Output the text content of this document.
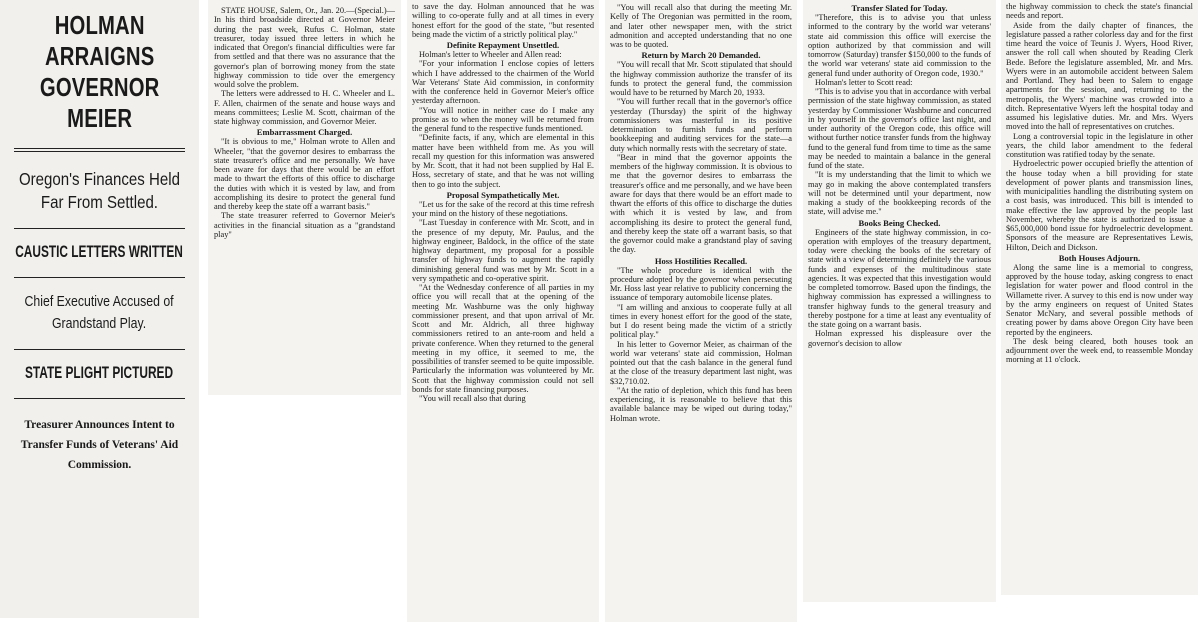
HOLMAN ARRAIGNS
GOVERNOR MEIER
Oregon's Finances Held Far From Settled.
CAUSTIC LETTERS WRITTEN
Chief Executive Accused of Grandstand Play.
STATE PLIGHT PICTURED
Treasurer Announces Intent to Transfer Funds of Veterans' Aid Commission.

STATE HOUSE, Salem, Or., Jan. 20.—(Special.)—In his third broadside directed at Governor Meier during the past week, Rufus C. Holman, state treasurer, today issued three letters in which he indicated that Oregon's financial difficulties were far from settled and that there was no assurance that the governor's plan of borrowing money from the state highway commission to tide over the emergency would solve the problem.

The letters were addressed to H. C. Wheeler and L. F. Allen, chairmen of the senate and house ways and means committees; Leslie M. Scott, chairman of the state highway commission, and Governor Meier.

Embarrassment Charged.

"It is obvious to me," Holman wrote to Allen and Wheeler, "that the governor desires to embarrass the state treasurer's office and me personally. We have been aware for days that there would be an effort made to thwart the efforts of this office to discharge the duties with which it is vested by law, and from accomplishing its desire to protect the general fund and thereby keep the state off a warrant basis."

The state treasurer referred to Governor Meier's activities in the financial situation as a "grandstand play"

to save the day. Holman announced that he was willing to co-operate fully and at all times in every honest effort for the good of the state, "but resented being made the victim of a strictly political play."

Definite Repayment Unsettled.

Holman's letter to Wheeler and Allen read:

"For your information I enclose copies of letters which I have addressed to the chairmen of the World War Veterans' State Aid commission, in conformity with the conference held in Governor Meier's office yesterday afternoon.

"You will notice in neither case do I make any promise as to when the money will be returned from the general fund to the respective funds mentioned.

"Definite facts, if any, which are elemental in this matter have been withheld from me. As you will recall my question for this information was answered by Mr. Scott, that it had not been supplied by Hal E. Hoss, secretary of state, and that he was not willing then to go into the subject.

Proposal Sympathetically Met.

"Let us for the sake of the record at this time refresh your mind on the history of these negotiations.

"Last Tuesday in conference with Mr. Scott, and in the presence of my deputy, Mr. Paulus, and the highway engineer, Baldock, in the office of the state highway department, my proposal for a possible transfer of highway funds to augment the rapidly diminishing general fund was met by Mr. Scott in a very sympathetic and co-operative spirit.

"At the Wednesday conference of all parties in my office you will recall that at the opening of the meeting Mr. Washburne was the only highway commissioner present, and that upon arrival of Mr. Scott and Mr. Aldrich, all three highway commissioners retired to an ante-room and held a private conference. When they returned to the general meeting in my office, it seemed to me, the possibilities of transfer seemed to be quite impossible. Particularly the information was volunteered by Mr. Scott that the highway commission could not sell bonds for state financing purposes.

"You will recall also that during

"You will recall also that during the meeting Mr. Kelly of The Oregonian was permitted in the room, and later other newspaper men, with the strict admonition and accepted understanding that no one was to be quoted.

Return by March 20 Demanded.

"You will recall that Mr. Scott stipulated that should the highway commission authorize the transfer of its funds to protect the general fund, the commission would have to be returned by March 20, 1933.

"You will further recall that in the governor's office yesterday (Thursday) the spirit of the highway commissioners was masterful in its positive determination to furnish funds and perform bookkeeping and auditing services for the state—a duty which normally rests with the secretary of state.

"Bear in mind that the governor appoints the members of the highway commission. It is obvious to me that the governor desires to embarrass the treasurer's office and me personally, and we have been aware for days that there would be an effort made to thwart the efforts of this office to discharge the duties with which it is vested by law, and from accomplishing its desire to protect the general fund, and thereby keep the state off a warrant basis, so that the governor could make a grandstand play of saving the day.

Hoss Hostilities Recalled.

"The whole procedure is identical with the procedure adopted by the governor when persecuting Mr. Hoss last year relative to publicity concerning the issuance of temporary automobile license plates.

"I am willing and anxious to cooperate fully at all times in every honest effort for the good of the state, but I do resent being made the victim of a strictly political play."

In his letter to Governor Meier, as chairman of the world war veterans' state aid commission, Holman pointed out that the cash balance in the general fund at the close of the treasury department last night, was $32,710.02.

"At the ratio of depletion, which this fund has been experiencing, it is reasonable to believe that this available balance may be wiped out during today," Holman wrote.

Transfer Slated for Today.

"Therefore, this is to advise you that unless informed to the contrary by the world war veterans' state aid commission this office will exercise the option authorized by that commission and will tomorrow (Saturday) transfer $150,000 to the funds of the world war veterans' state aid commission to the general fund under authority of Oregon code, 1930."

Holman's letter to Scott read:

"This is to advise you that in accordance with verbal permission of the state highway commission, as stated yesterday by Commissioner Washburne and concurred in by yourself in the governor's office last night, and under authority of the Oregon code, this office will without further notice transfer funds from the highway fund to the general fund from time to time as the same may be needed to maintain a balance in the general fund of the state.

"It is my understanding that the limit to which we may go in making the above contemplated transfers will not be determined until your department, now making a study of the bookkeeping records of the state, will advise me."

Books Being Checked.

Engineers of the state highway commission, in co-operation with employes of the treasury department, today were checking the books of the secretary of state with a view of determining definitely the various funds and expenses of the multitudinous state agencies. It was expected that this investigation would be completed tomorrow. Based upon the findings, the highway commission has expressed a willingness to transfer highway funds to the general treasury and thereby postpone for a time at least any eventuality of the state going on a warrant basis.

Holman expressed his displeasure over the governor's decision to allow

the highway commission to check the state's financial needs and report.

Aside from the daily chapter of finances, the legislature passed a rather colorless day and for the first time heard the voice of Teunis J. Wyers, Hood River, answer the roll call when shouted by Reading Clerk Bede. Before the legislature assembled, Mr. and Mrs. Wyers were in an automobile accident between Salem and Portland. They had been to Salem to engage apartments for the session, and, returning to the metropolis, the Wyers' machine was crowded into a ditch. Representative Wyers left the hospital today and assumed his legislative duties. Mr. and Mrs. Wyers moved into the hall of representatives on crutches.

Long a controversial topic in the legislature in other years, the child labor amendment to the federal constitution was ratified today by the senate.

Hydroelectric power occupied briefly the attention of the house today when a bill providing for state development of power plants and transmission lines, with municipalities handling the distributing system on a cost basis, was introduced. This bill is intended to make effective the law approved by the people last November, whereby the state is authorized to issue a $65,000,000 bond issue for hydroelectric development. Sponsors of the measure are Representatives Lewis, Hilton, Deich and Dickson.

Both Houses Adjourn.

Along the same line is a memorial to congress, approved by the house today, asking congress to enact legislation for water power and flood control in the Willamette river. A survey to this end is now under way by the army engineers on request of United States Senator McNary, and several possible methods of creating power by dams above Oregon City have been reported by the engineers.

The desk being cleared, both houses took an adjournment over the week end, to reassemble Monday morning at 11 o'clock.
